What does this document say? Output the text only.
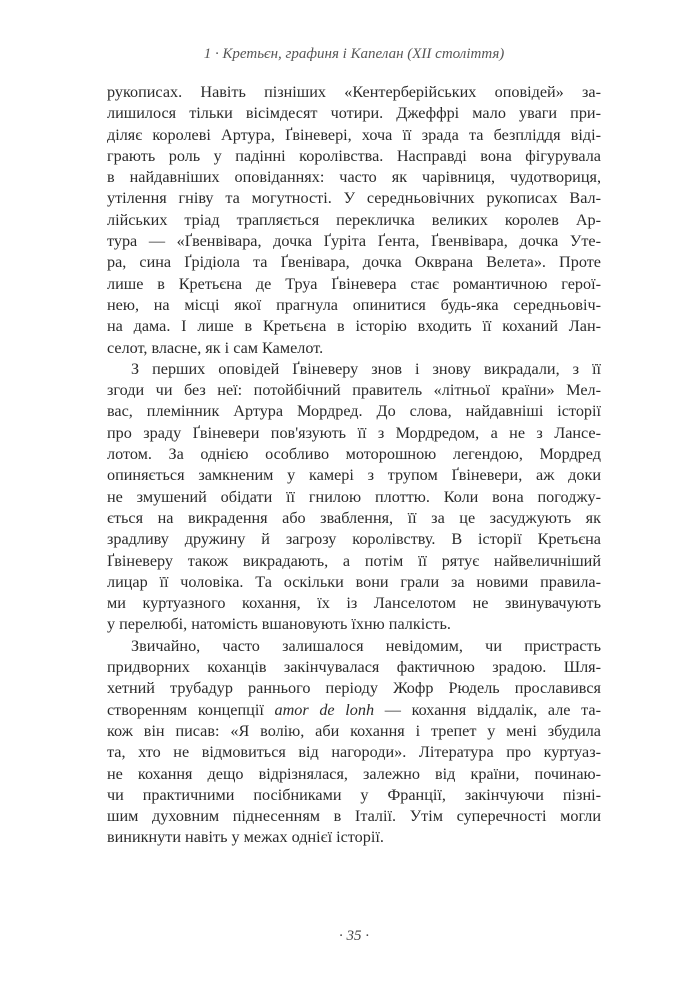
1 · Кретьєн, графиня і Капелан (XII століття)
рукописах. Навіть пізніших «Кентерберійських оповідей» за-
лишилося тільки вісімдесят чотири. Джеффрі мало уваги при-
діляє королеві Артура, Ґвіневері, хоча її зрада та безпліддя віді-
грають роль у падінні королівства. Насправді вона фігурувала
в найдавніших оповіданнях: часто як чарівниця, чудотвориця,
утілення гніву та могутності. У середньовічних рукописах Вал-
лійських тріад трапляється перекличка великих королев Ар-
тура — «Ґвенвівара, дочка Ґуріта Ґента, Ґвенвівара, дочка Уте-
ра, сина Ґрідіола та Ґвенівара, дочка Окврана Велета». Проте
лише в Кретьєна де Труа Ґвіневера стає романтичною герої-
нею, на місці якої прагнула опинитися будь-яка середньовіч-
на дама. І лише в Кретьєна в історію входить її коханий Лан-
селот, власне, як і сам Камелот.
З перших оповідей Ґвіневеру знов і знову викрадали, з її
згоди чи без неї: потойбічний правитель «літньої країни» Мел-
вас, племінник Артура Мордред. До слова, найдавніші історії
про зраду Ґвіневери пов'язують її з Мордредом, а не з Лансе-
лотом. За однією особливо моторошною легендою, Мордред
опиняється замкненим у камері з трупом Ґвіневери, аж доки
не змушений обідати її гнилою плоттю. Коли вона погоджу-
ється на викрадення або зваблення, її за це засуджують як
зрадливу дружину й загрозу королівству. В історії Кретьєна
Ґвіневеру також викрадають, а потім її рятує найвеличніший
лицар її чоловіка. Та оскільки вони грали за новими правила-
ми куртуазного кохання, їх із Ланселотом не звинувачують
у перелюбі, натомість вшановують їхню палкість.
Звичайно, часто залишалося невідомим, чи пристрасть
придворних коханців закінчувалася фактичною зрадою. Шля-
хетний трубадур раннього періоду Жофр Рюдель прославився
створенням концепції amor de lonh — кохання віддалік, але та-
кож він писав: «Я волію, аби кохання і трепет у мені збудила
та, хто не відмовиться від нагороди». Література про куртуаз-
не кохання дещо відрізнялася, залежно від країни, починаю-
чи практичними посібниками у Франції, закінчуючи пізні-
шим духовним піднесенням в Італії. Утім суперечності могли
виникнути навіть у межах однієї історії.
· 35 ·
